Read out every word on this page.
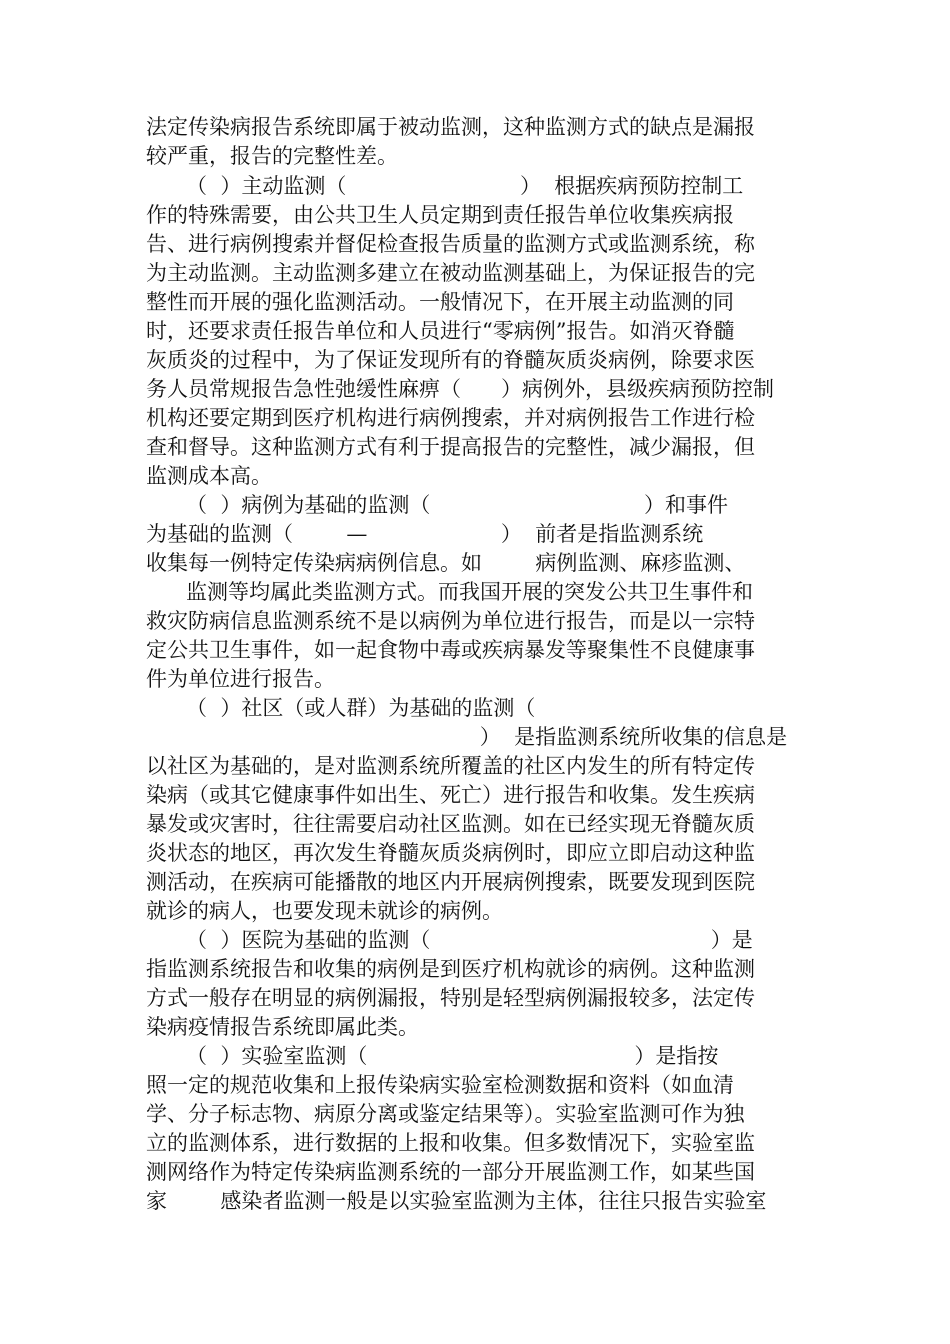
法定传染病报告系统即属于被动监测，这种监测方式的缺点是漏报
较严重，报告的完整性差。
（  ）主动监测（                          ）  根据疾病预防控制工
作的特殊需要，由公共卫生人员定期到责任报告单位收集疾病报
告、进行病例搜索并督促检查报告质量的监测方式或监测系统，称
为主动监测。主动监测多建立在被动监测基础上，为保证报告的完
整性而开展的强化监测活动。一般情况下，在开展主动监测的同
时，还要求责任报告单位和人员进行“零病例”报告。如消灭脊髓
灰质炎的过程中，为了保证发现所有的脊髓灰质炎病例，除要求医
务人员常规报告急性弛缓性麻痹（      ）病例外，县级疾病预防控制
机构还要定期到医疗机构进行病例搜索，并对病例报告工作进行检
查和督导。这种监测方式有利于提高报告的完整性，减少漏报，但
监测成本高。
（  ）病例为基础的监测（                                ）和事件
为基础的监测（        —                    ）  前者是指监测系统
收集每一例特定传染病病例信息。如        病例监测、麻疹监测、
监测等均属此类监测方式。而我国开展的突发公共卫生事件和
救灾防病信息监测系统不是以病例为单位进行报告，而是以一宗特
定公共卫生事件，如一起食物中毒或疾病暴发等聚集性不良健康事
件为单位进行报告。
（  ）社区（或人群）为基础的监测（
）  是指监测系统所收集的信息是
以社区为基础的，是对监测系统所覆盖的社区内发生的所有特定传
染病（或其它健康事件如出生、死亡）进行报告和收集。发生疾病
暴发或灾害时，往往需要启动社区监测。如在已经实现无脊髓灰质
炎状态的地区，再次发生脊髓灰质炎病例时，即应立即启动这种监
测活动，在疾病可能播散的地区内开展病例搜索，既要发现到医院
就诊的病人，也要发现未就诊的病例。
（  ）医院为基础的监测（                                          ）是
指监测系统报告和收集的病例是到医疗机构就诊的病例。这种监测
方式一般存在明显的病例漏报，特别是轻型病例漏报较多，法定传
染病疫情报告系统即属此类。
（  ）实验室监测（                                        ）是指按
照一定的规范收集和上报传染病实验室检测数据和资料（如血清
学、分子标志物、病原分离或鉴定结果等）。实验室监测可作为独
立的监测体系，进行数据的上报和收集。但多数情况下，实验室监
测网络作为特定传染病监测系统的一部分开展监测工作，如某些国
家        感染者监测一般是以实验室监测为主体，往往只报告实验室
